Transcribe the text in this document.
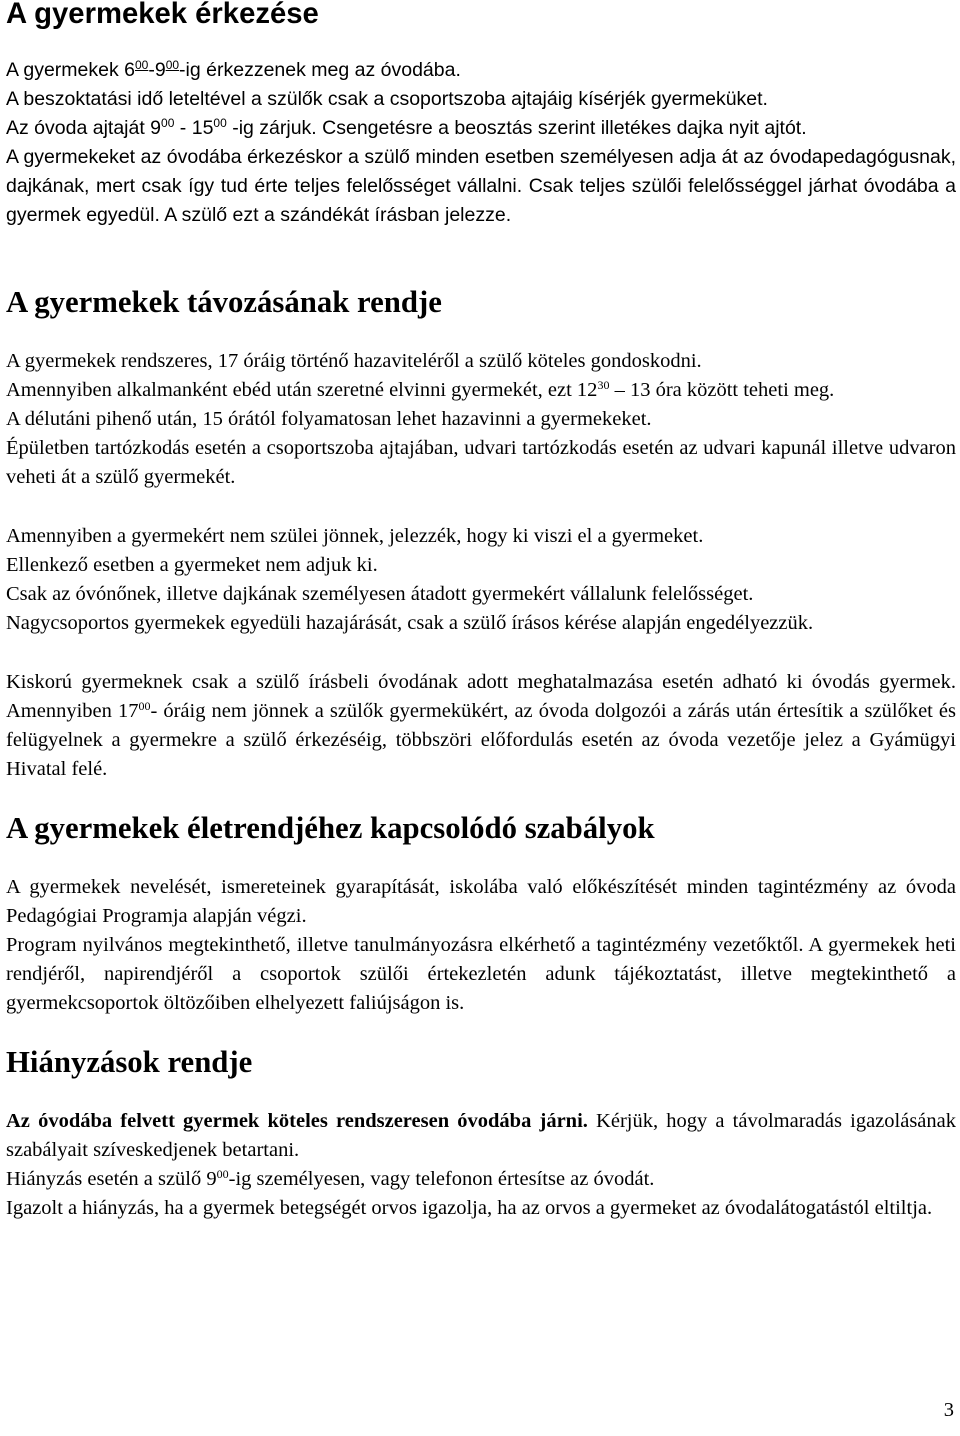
A gyermekek érkezése

A gyermekek $6^{00}-9^{00}-ig$ érkezzenek meg az óvodába.

A beszoktatási idő leteltével a szülők csak a csoportszoba ajtajáig kísérjék gyermeküket.

Az óvoda ajtaját $9^{00} - 15^{00}$ -ig zárjuk. Csengetésre a beosztás szerint illetékes dajka nyit ajtót.

A gyermekeket az óvodába érkezéskor a szülő minden esetben személyesen adja át az óvodapedagógusnak, dajkának, mert csak így tud érte teljes felelősséget vállalni. Csak teljes szülői felelősséggel járhat óvodába a gyermek egyedül. A szülő ezt a szándékát írásban jelezze.

A gyermekek távozásának rendje

A gyermekek rendszeres, 17 óráig történő hazaviteléről a szülő köteles gondoskodni.

Amennyiben alkalmanként ebéd után szeretné elvinni gyermekét, ezt $12^{30} - 13$ óra között teheti meg.

A délutáni pihenő után, 15 órától folyamatosan lehet hazavinni a gyermekeket.

Épületben tartózkodás esetén a csoportszoba ajtajában, udvari tartózkodás esetén az udvari kapunál illetve udvaron veheti át a szülő gyermekét.

Amennyiben a gyermekért nem szülei jönnek, jelezzék, hogy ki viszi el a gyermeket.

Ellenkező esetben a gyermeket nem adjuk ki.

Csak az óvónőnek, illetve dajkának személyesen átadott gyermekért vállalunk felelősséget.

Nagycsoportos gyermekek egyedüli hazajárását, csak a szülő írásos kérése alapján engedélyezzük.

Kiskorú gyermeknek csak a szülő írásbeli óvodának adott meghatalmazása esetén adható ki óvodás gyermek. Amennyiben $17^{00}-$ óráig nem jönnek a szülők gyermekükért, az óvoda dolgozói a zárás után értesítik a szülőket és felügyelnek a gyermekre a szülő érkezéséig, többszöri előfordulás esetén az óvoda vezetője jelez a Gyámügyi Hivatal felé.

A gyermekek életrendjéhez kapcsolódó szabályok

A gyermekek nevelését, ismereteinek gyarapítását, iskolába való előkészítését minden tagintézmény az óvoda Pedagógiai Programja alapján végzi.

Program nyilvános megtekinthető, illetve tanulmányozásra elkérhető a tagintézmény vezetőktől. A gyermekek heti rendjéről, napirendjéről a csoportok szülői értekezletén adunk tájékoztatást, illetve megtekinthető a gyermekcsoportok öltözőiben elhelyezett faliújságon is.

Hiányzások rendje

Az óvodába felvett gyermek köteles rendszeresen óvodába járni. Kérjük, hogy a távolmaradás igazolásának szabályait szíveskedjenek betartani.

Hiányzás esetén a szülő $9^{00}-ig$ személyesen, vagy telefonon értesítse az óvodát.

Igazolt a hiányzás, ha a gyermek betegségét orvos igazolja, ha az orvos a gyermeket az óvodalátogatástól eltiltja.

3
